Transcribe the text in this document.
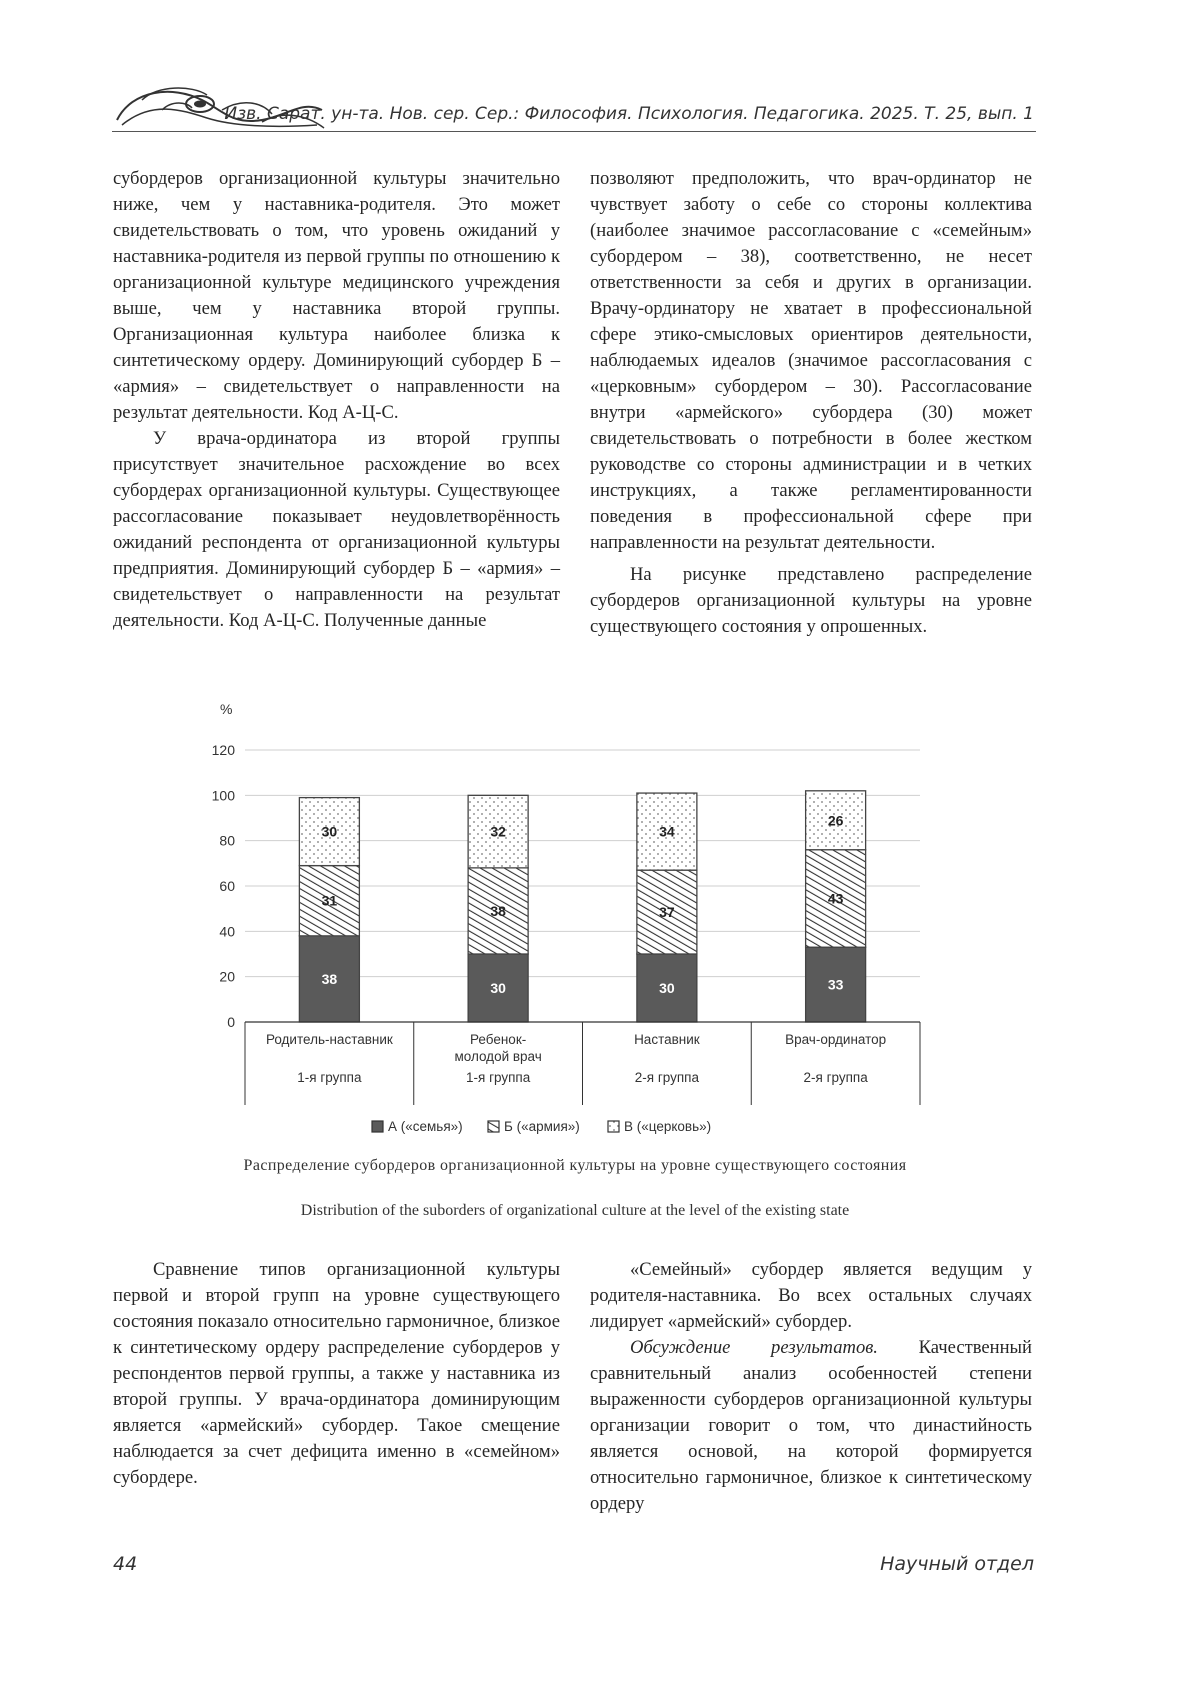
Изв. Сарат. ун-та. Нов. сер. Сер.: Философия. Психология. Педагогика. 2025. Т. 25, вып. 1

субордеров организационной культуры значительно ниже, чем у наставника-родителя. Это может свидетельствовать о том, что уровень ожиданий у наставника-родителя из первой группы по отношению к организационной культуре медицинского учреждения выше, чем у наставника второй группы. Организационная культура наиболее близка к синтетическому ордеру. Доминирующий субордер Б – «армия» – свидетельствует о направленности на результат деятельности. Код А-Ц-С.

У врача-ординатора из второй группы присутствует значительное расхождение во всех субордерах организационной культуры. Существующее рассогласование показывает неудовлетворённость ожиданий респондента от организационной культуры предприятия. Доминирующий субордер Б – «армия» – свидетельствует о направленности на результат деятельности. Код А-Ц-С. Полученные данные

позволяют предположить, что врач-ординатор не чувствует заботу о себе со стороны коллектива (наиболее значимое рассогласование с «семейным» субордером – 38), соответственно, не несет ответственности за себя и других в организации. Врачу-ординатору не хватает в профессиональной сфере этико-смысловых ориентиров деятельности, наблюдаемых идеалов (значимое рассогласования с «церковным» субордером – 30). Рассогласование внутри «армейского» субордера (30) может свидетельствовать о потребности в более жестком руководстве со стороны администрации и в четких инструкциях, а также регламентированности поведения в профессиональной сфере при направленности на результат деятельности.

На рисунке представлено распределение субордеров организационной культуры на уровне существующего состояния у опрошенных.

38
31
30
30
38
32
30
37
34
33
43
26
0
20
40
60
80
100
120
%
Родитель-наставник
1-я группа
Ребенок-
молодой врач
1-я группа
Наставник
2-я группа
Врач-ординатор
2-я группа
А («семья»)	Б («армия»)	В («церковь»)
Распределение субордеров организационной культуры на уровне существующего состояния
Distribution of the suborders of organizational culture at the level of the existing state

Сравнение типов организационной культуры первой и второй групп на уровне существующего состояния показало относительно гармоничное, близкое к синтетическому ордеру распределение субордеров у респондентов первой группы, а также у наставника из второй группы. У врача-ординатора доминирующим является «армейский» субордер. Такое смещение наблюдается за счет дефицита именно в «семейном» субордере.

«Семейный» субордер является ведущим у родителя-наставника. Во всех остальных случаях лидирует «армейский» субордер.

Обсуждение результатов. Качественный сравнительный анализ особенностей степени выраженности субордеров организационной культуры организации говорит о том, что династийность является основой, на которой формируется относительно гармоничное, близкое к синтетическому ордеру

44	Научный отдел
